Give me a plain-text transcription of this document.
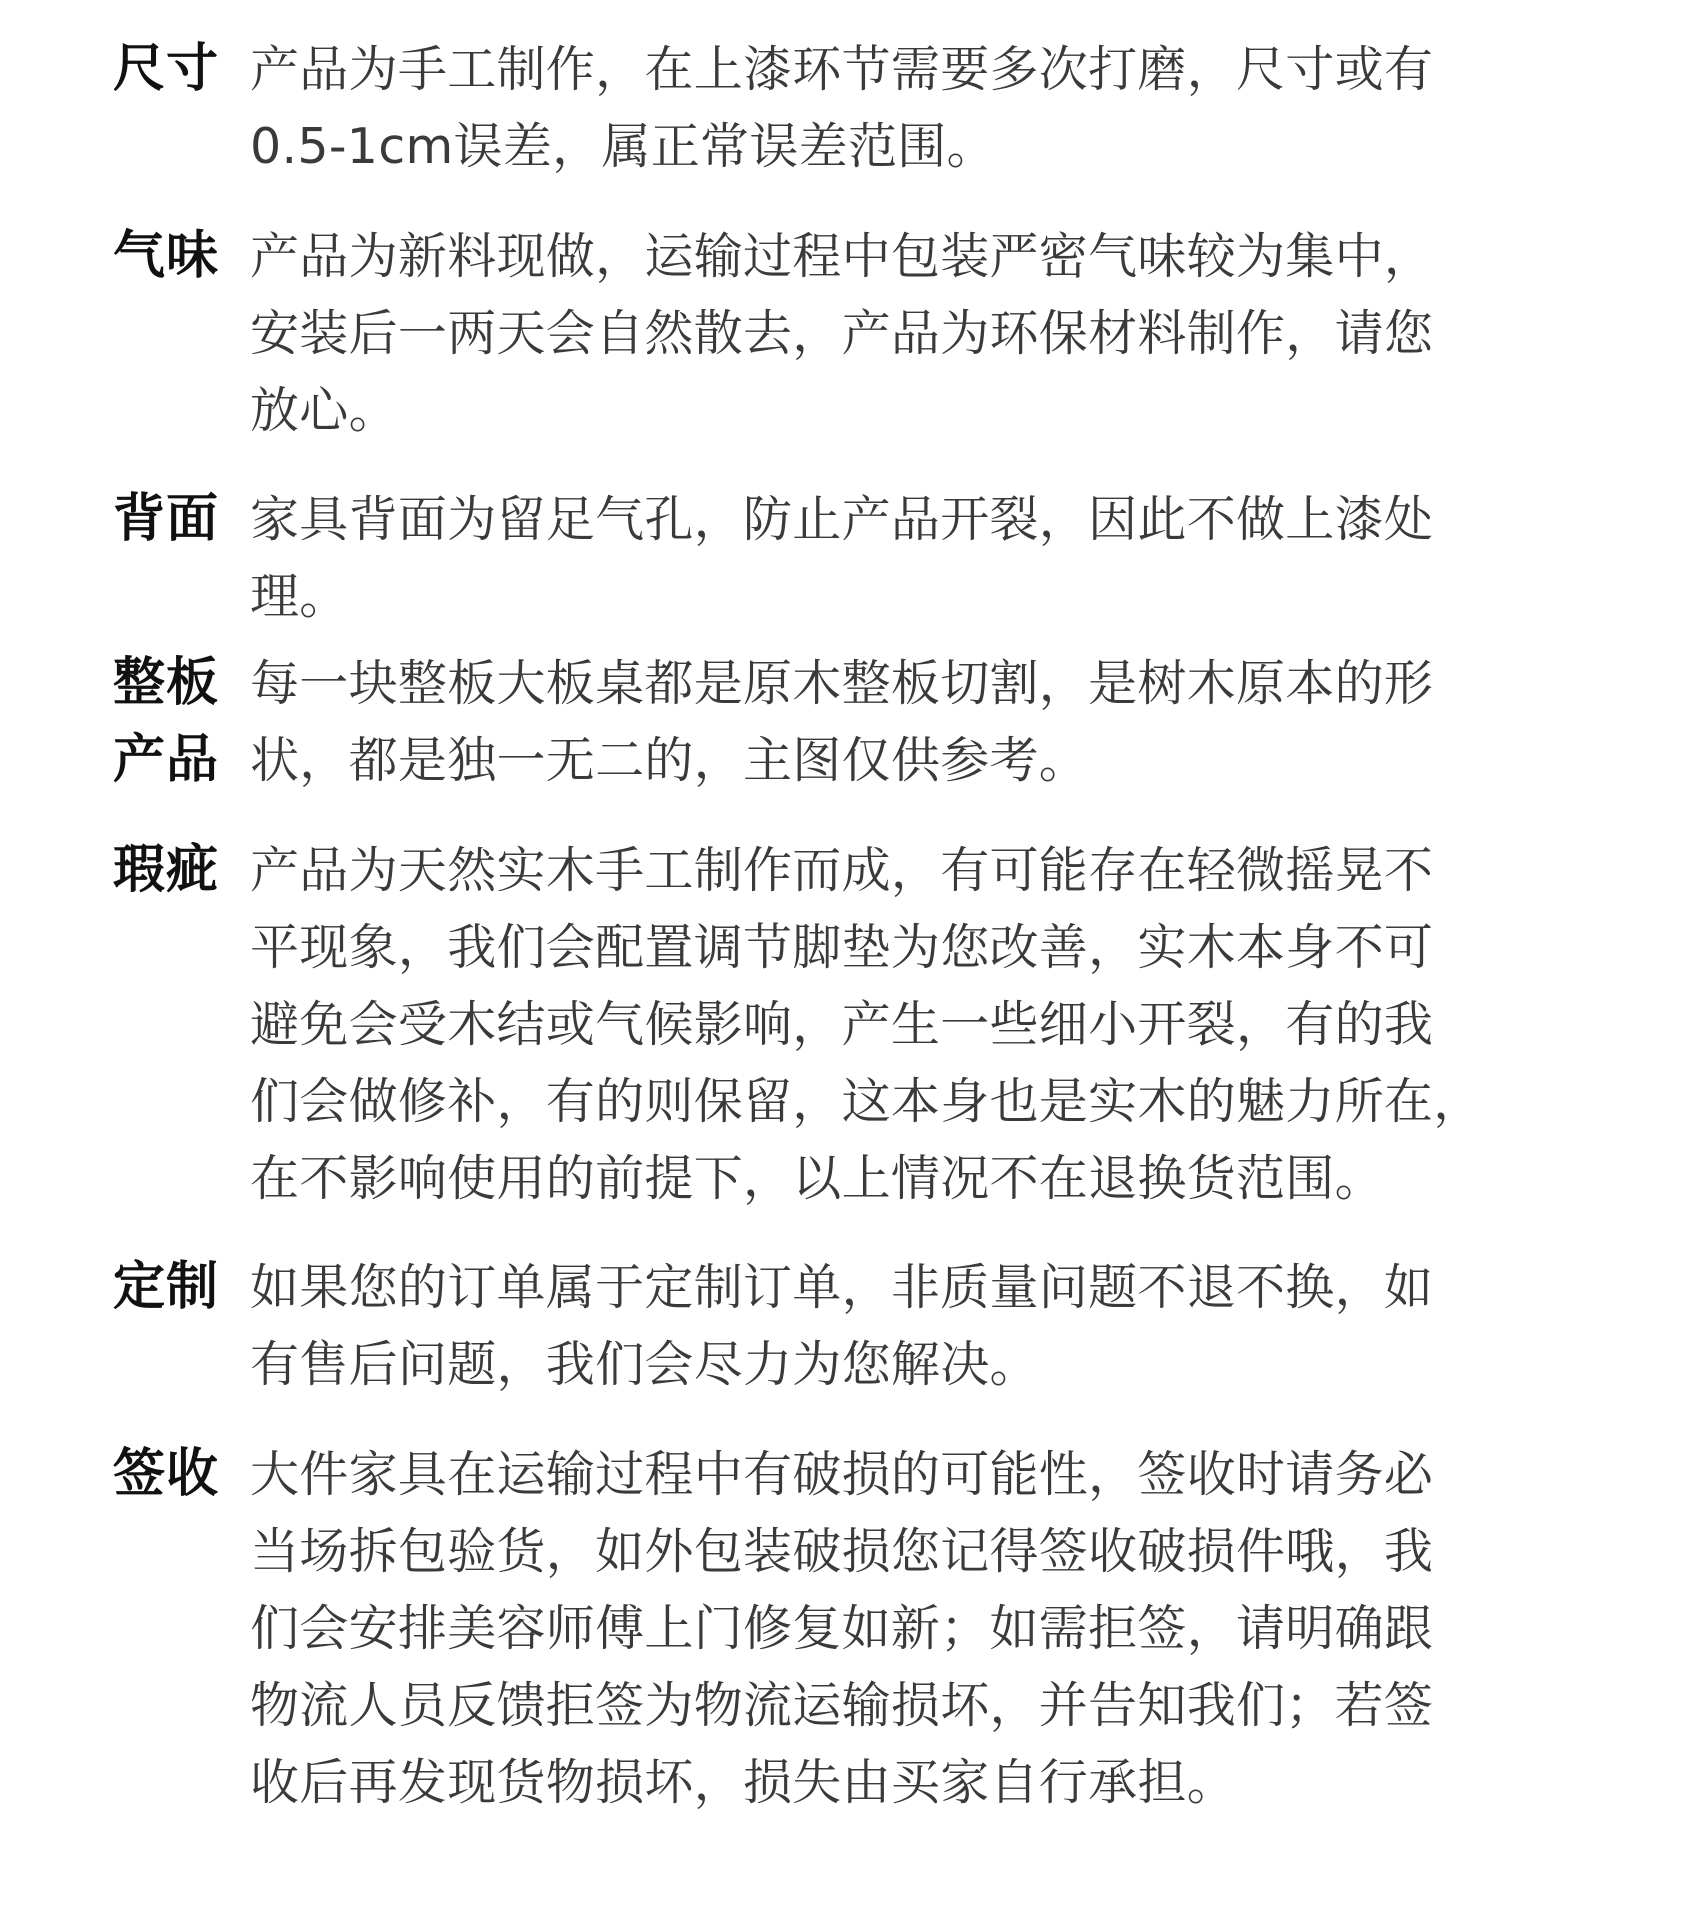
尺寸 产品为手工制作，在上漆环节需要多次打磨，尺寸或有
0.5-1cm误差，属正常误差范围。
气味 产品为新料现做，运输过程中包装严密气味较为集中，
安装后一两天会自然散去，产品为环保材料制作，请您
放心。
背面 家具背面为留足气孔，防止产品开裂，因此不做上漆处
理。
整板
产品
每一块整板大板桌都是原木整板切割，是树木原本的形
状，都是独一无二的，主图仅供参考。
瑕疵 产品为天然实木手工制作而成，有可能存在轻微摇晃不
平现象，我们会配置调节脚垫为您改善，实木本身不可
避免会受木结或气候影响，产生一些细小开裂，有的我
们会做修补，有的则保留，这本身也是实木的魅力所在，
在不影响使用的前提下，以上情况不在退换货范围。
定制 如果您的订单属于定制订单，非质量问题不退不换，如
有售后问题，我们会尽力为您解决。
签收 大件家具在运输过程中有破损的可能性，签收时请务必
当场拆包验货，如外包装破损您记得签收破损件哦，我
们会安排美容师傅上门修复如新；如需拒签，请明确跟
物流人员反馈拒签为物流运输损坏，并告知我们；若签
收后再发现货物损坏，损失由买家自行承担。
